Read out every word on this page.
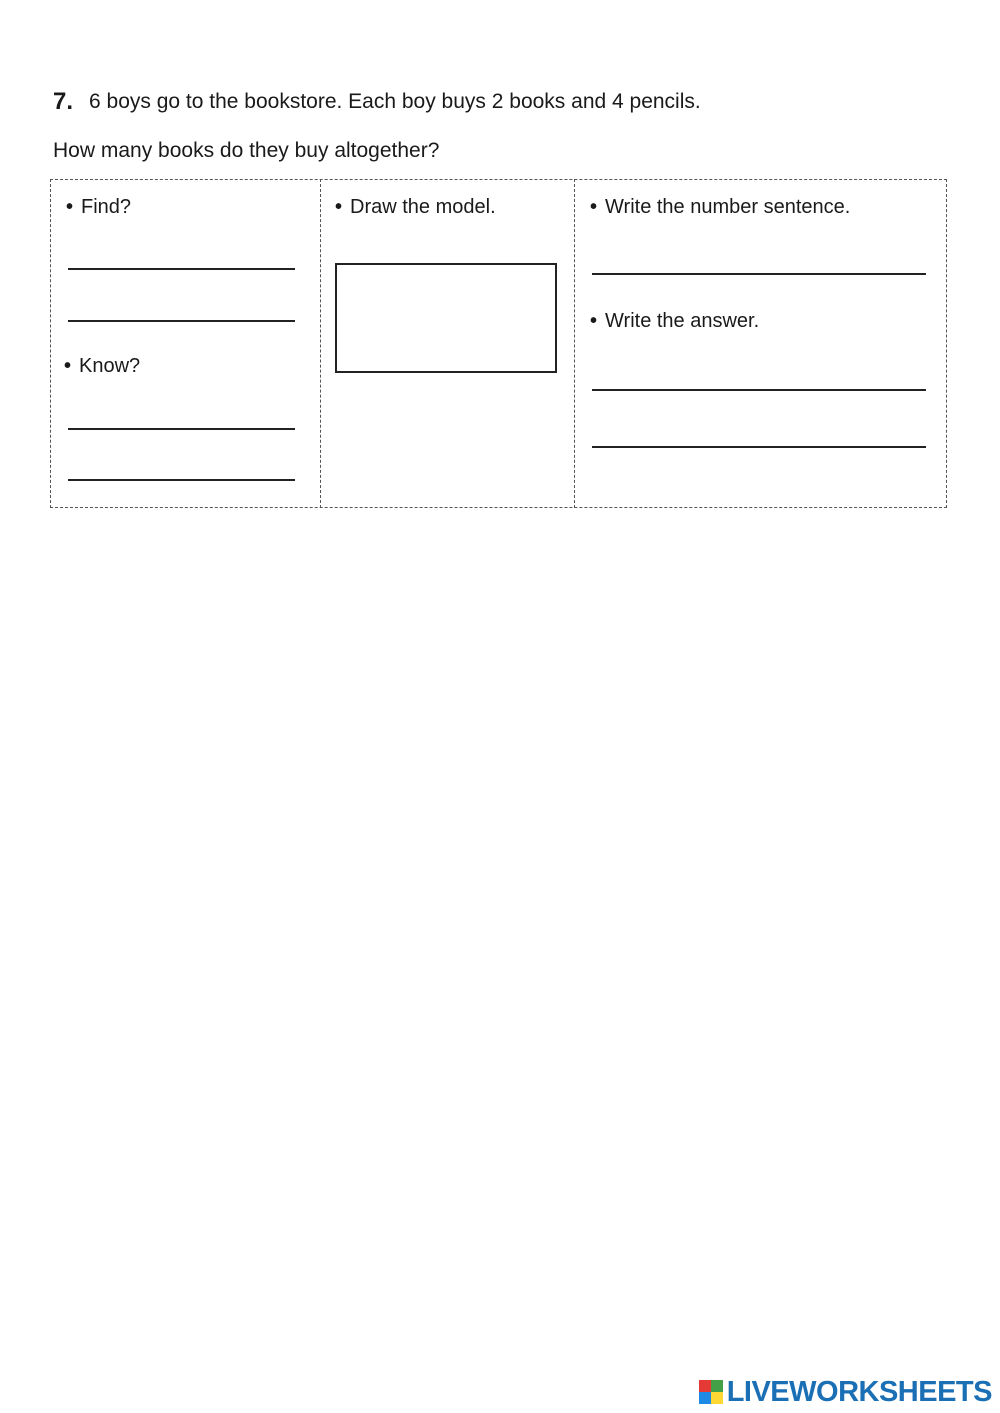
7. 6 boys go to the bookstore. Each boy buys 2 books and 4 pencils.
How many books do they buy altogether?
• Find?
• Know?
• Draw the model.	• Write the number sentence.
• Write the answer.
LIVEWORKSHEETS
